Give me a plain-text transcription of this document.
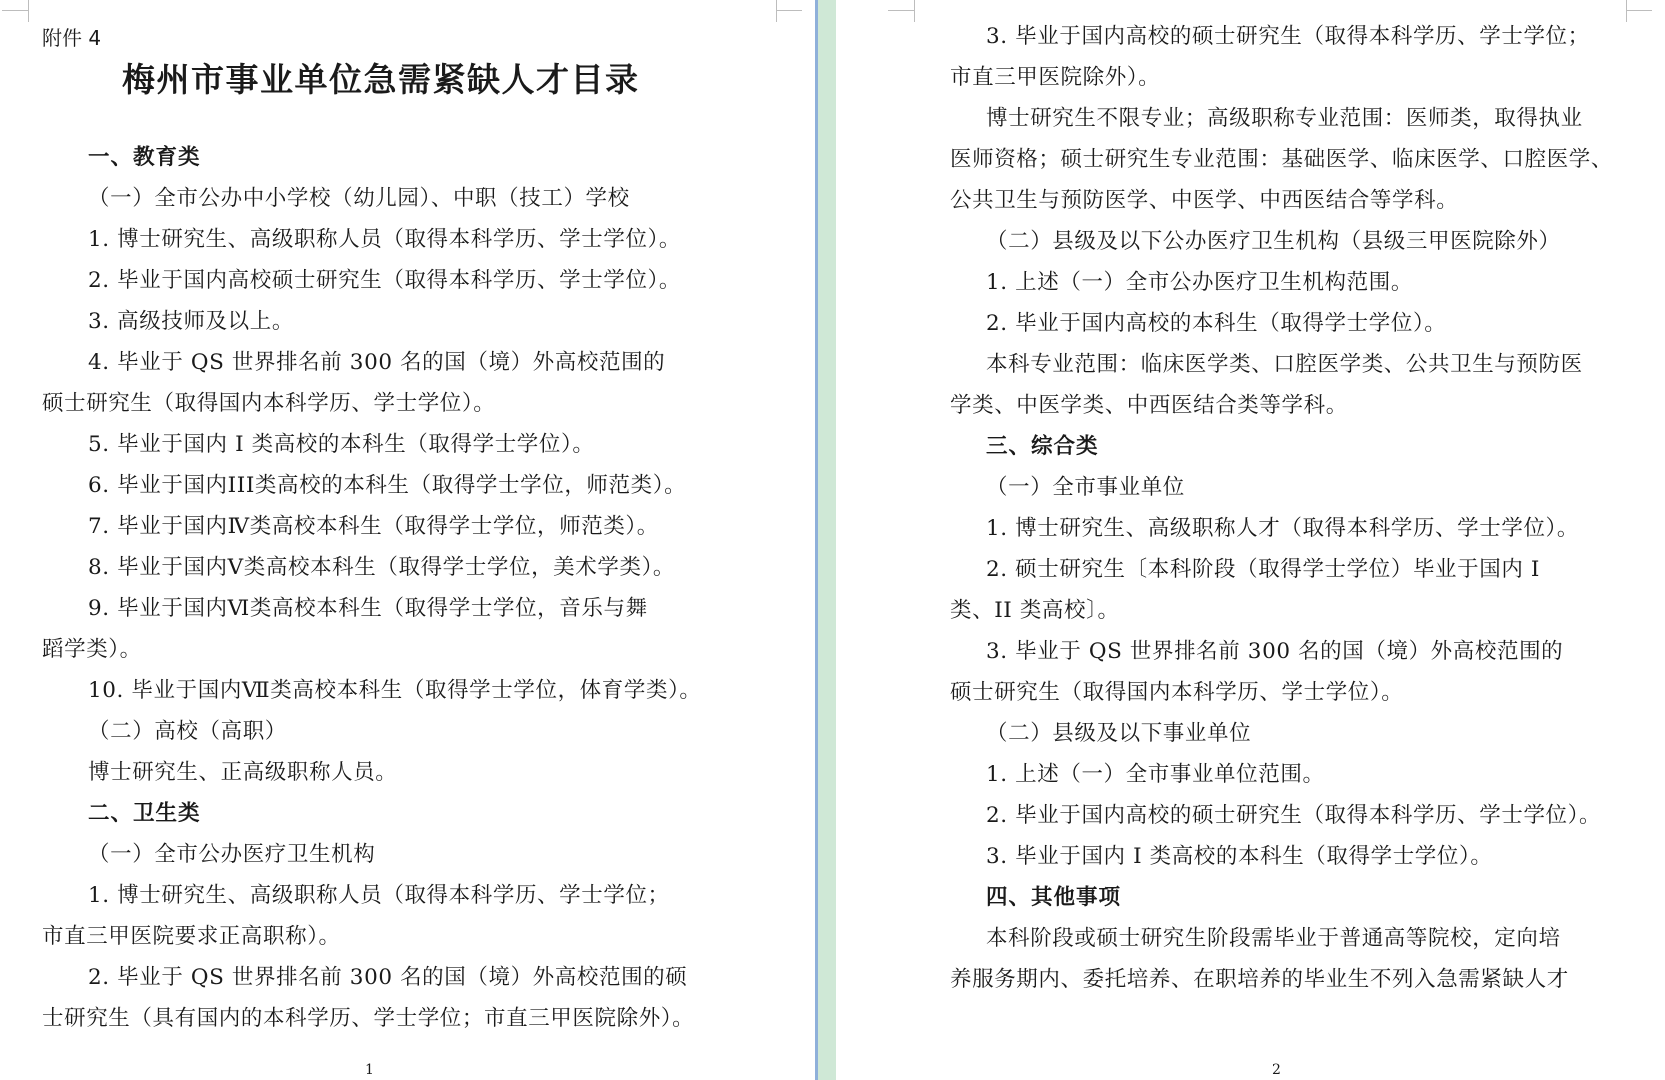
附件 4
梅州市事业单位急需紧缺人才目录
一、教育类
（一）全市公办中小学校（幼儿园）、中职（技工）学校
1. 博士研究生、高级职称人员（取得本科学历、学士学位）。
2. 毕业于国内高校硕士研究生（取得本科学历、学士学位）。
3. 高级技师及以上。
4. 毕业于 QS 世界排名前 300 名的国（境）外高校范围的
硕士研究生（取得国内本科学历、学士学位）。
5. 毕业于国内 I 类高校的本科生（取得学士学位）。
6. 毕业于国内III类高校的本科生（取得学士学位，师范类）。
7. 毕业于国内Ⅳ类高校本科生（取得学士学位，师范类）。
8. 毕业于国内Ⅴ类高校本科生（取得学士学位，美术学类）。
9. 毕业于国内Ⅵ类高校本科生（取得学士学位，音乐与舞
蹈学类）。
10. 毕业于国内Ⅶ类高校本科生（取得学士学位，体育学类）。
（二）高校（高职）
博士研究生、正高级职称人员。
二、卫生类
（一）全市公办医疗卫生机构
1. 博士研究生、高级职称人员（取得本科学历、学士学位；
市直三甲医院要求正高职称）。
2. 毕业于 QS 世界排名前 300 名的国（境）外高校范围的硕
士研究生（具有国内的本科学历、学士学位；市直三甲医院除外）。
1
3. 毕业于国内高校的硕士研究生（取得本科学历、学士学位；
市直三甲医院除外）。
博士研究生不限专业；高级职称专业范围：医师类，取得执业
医师资格；硕士研究生专业范围：基础医学、临床医学、口腔医学、
公共卫生与预防医学、中医学、中西医结合等学科。
（二）县级及以下公办医疗卫生机构（县级三甲医院除外）
1. 上述（一）全市公办医疗卫生机构范围。
2. 毕业于国内高校的本科生（取得学士学位）。
本科专业范围：临床医学类、口腔医学类、公共卫生与预防医
学类、中医学类、中西医结合类等学科。
三、综合类
（一）全市事业单位
1. 博士研究生、高级职称人才（取得本科学历、学士学位）。
2. 硕士研究生〔本科阶段（取得学士学位）毕业于国内 I
类、II 类高校〕。
3. 毕业于 QS 世界排名前 300 名的国（境）外高校范围的
硕士研究生（取得国内本科学历、学士学位）。
（二）县级及以下事业单位
1. 上述（一）全市事业单位范围。
2. 毕业于国内高校的硕士研究生（取得本科学历、学士学位）。
3. 毕业于国内 I 类高校的本科生（取得学士学位）。
四、其他事项
本科阶段或硕士研究生阶段需毕业于普通高等院校，定向培
养服务期内、委托培养、在职培养的毕业生不列入急需紧缺人才
2
